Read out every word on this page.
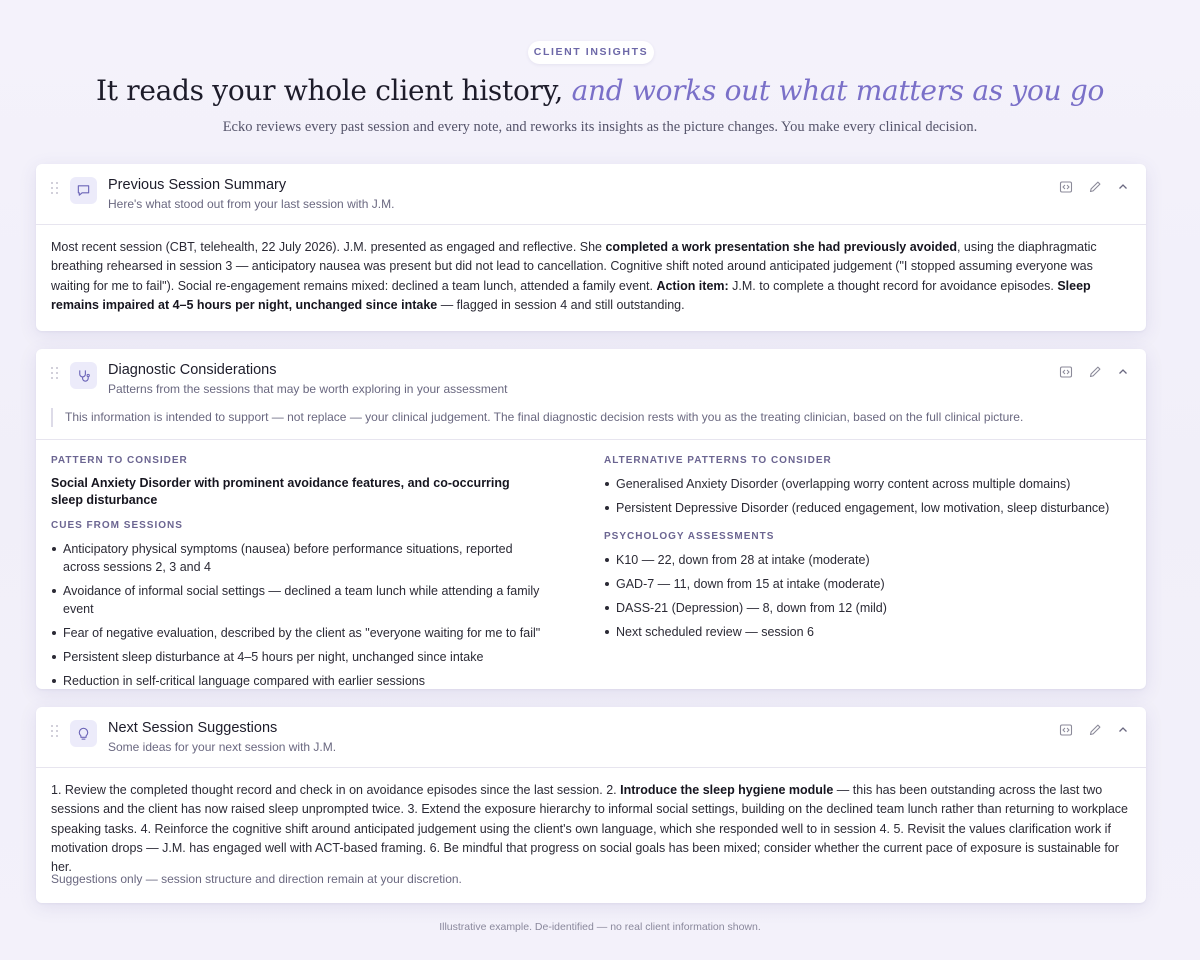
CLIENT INSIGHTS
It reads your whole client history, and works out what matters as you go
Ecko reviews every past session and every note, and reworks its insights as the picture changes. You make every clinical decision.
Previous Session Summary
Here's what stood out from your last session with J.M.

Most recent session (CBT, telehealth, 22 July 2026). J.M. presented as engaged and reflective. She completed a work presentation she had previously avoided, using the diaphragmatic breathing rehearsed in session 3 — anticipatory nausea was present but did not lead to cancellation. Cognitive shift noted around anticipated judgement ("I stopped assuming everyone was waiting for me to fail"). Social re-engagement remains mixed: declined a team lunch, attended a family event. Action item: J.M. to complete a thought record for avoidance episodes. Sleep remains impaired at 4–5 hours per night, unchanged since intake — flagged in session 4 and still outstanding.
Diagnostic Considerations
Patterns from the sessions that may be worth exploring in your assessment

This information is intended to support — not replace — your clinical judgement. The final diagnostic decision rests with you as the treating clinician, based on the full clinical picture.
PATTERN TO CONSIDER
Social Anxiety Disorder with prominent avoidance features, and co-occurring sleep disturbance
CUES FROM SESSIONS
Anticipatory physical symptoms (nausea) before performance situations, reported across sessions 2, 3 and 4
Avoidance of informal social settings — declined a team lunch while attending a family event
Fear of negative evaluation, described by the client as "everyone waiting for me to fail"
Persistent sleep disturbance at 4–5 hours per night, unchanged since intake
Reduction in self-critical language compared with earlier sessions
ALTERNATIVE PATTERNS TO CONSIDER
Generalised Anxiety Disorder (overlapping worry content across multiple domains)
Persistent Depressive Disorder (reduced engagement, low motivation, sleep disturbance)
PSYCHOLOGY ASSESSMENTS
K10 — 22, down from 28 at intake (moderate)
GAD-7 — 11, down from 15 at intake (moderate)
DASS-21 (Depression) — 8, down from 12 (mild)
Next scheduled review — session 6
Next Session Suggestions
Some ideas for your next session with J.M.

1. Review the completed thought record and check in on avoidance episodes since the last session. 2. Introduce the sleep hygiene module — this has been outstanding across the last two sessions and the client has now raised sleep unprompted twice. 3. Extend the exposure hierarchy to informal social settings, building on the declined team lunch rather than returning to workplace speaking tasks. 4. Reinforce the cognitive shift around anticipated judgement using the client's own language, which she responded well to in session 4. 5. Revisit the values clarification work if motivation drops — J.M. has engaged well with ACT-based framing. 6. Be mindful that progress on social goals has been mixed; consider whether the current pace of exposure is sustainable for her.
Suggestions only — session structure and direction remain at your discretion.
Illustrative example. De-identified — no real client information shown.
